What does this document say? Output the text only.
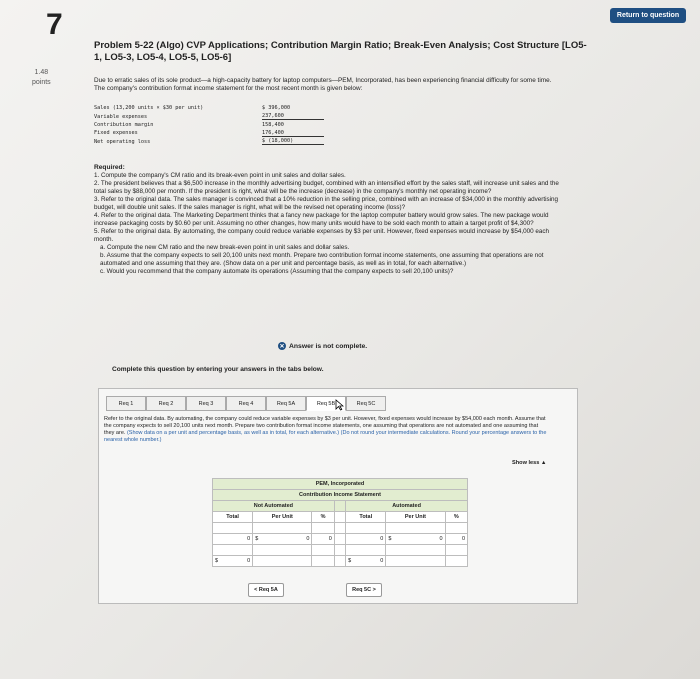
Return to question
7
1.48
points
Problem 5-22 (Algo) CVP Applications; Contribution Margin Ratio; Break-Even Analysis; Cost Structure [LO5-1, LO5-3, LO5-4, LO5-5, LO5-6]
Due to erratic sales of its sole product—a high-capacity battery for laptop computers—PEM, Incorporated, has been experiencing financial difficulty for some time. The company's contribution format income statement for the most recent month is given below:
Sales (13,200 units × $30 per unit)	$ 396,000
Variable expenses	237,600
Contribution margin	158,400
Fixed expenses	176,400
Net operating loss	$ (18,000)
Required:
1. Compute the company's CM ratio and its break-even point in unit sales and dollar sales.
2. The president believes that a $6,500 increase in the monthly advertising budget, combined with an intensified effort by the sales staff, will increase unit sales and the total sales by $88,000 per month. If the president is right, what will be the increase (decrease) in the company's monthly net operating income?
3. Refer to the original data. The sales manager is convinced that a 10% reduction in the selling price, combined with an increase of $34,000 in the monthly advertising budget, will double unit sales. If the sales manager is right, what will be the revised net operating income (loss)?
4. Refer to the original data. The Marketing Department thinks that a fancy new package for the laptop computer battery would grow sales. The new package would increase packaging costs by $0.60 per unit. Assuming no other changes, how many units would have to be sold each month to attain a target profit of $4,300?
5. Refer to the original data. By automating, the company could reduce variable expenses by $3 per unit. However, fixed expenses would increase by $54,000 each month.
a. Compute the new CM ratio and the new break-even point in unit sales and dollar sales.
b. Assume that the company expects to sell 20,100 units next month. Prepare two contribution format income statements, one assuming that operations are not automated and one assuming that they are. (Show data on a per unit and percentage basis, as well as in total, for each alternative.)
c. Would you recommend that the company automate its operations (Assuming that the company expects to sell 20,100 units)?
✕ Answer is not complete.
Complete this question by entering your answers in the tabs below.
Req 1	Req 2	Req 3	Req 4	Req 5A	Req 5B	Req 5C
Refer to the original data. By automating, the company could reduce variable expenses by $3 per unit. However, fixed expenses would increase by $54,000 each month. Assume that the company expects to sell 20,100 units next month. Prepare two contribution format income statements, one assuming that operations are not automated and one assuming that they are. (Show data on a per unit and percentage basis, as well as in total, for each alternative.) (Do not round your intermediate calculations. Round your percentage answers to the nearest whole number.)
Show less ▲
PEM, Incorporated						
Contribution Income Statement						
Not Automated				Automated		
Total	Per Unit	%		Total	Per Unit	%

0	$ 0	0		0	$ 0	0

$ 0				$ 0		

< Req 5A	Req 5C >
